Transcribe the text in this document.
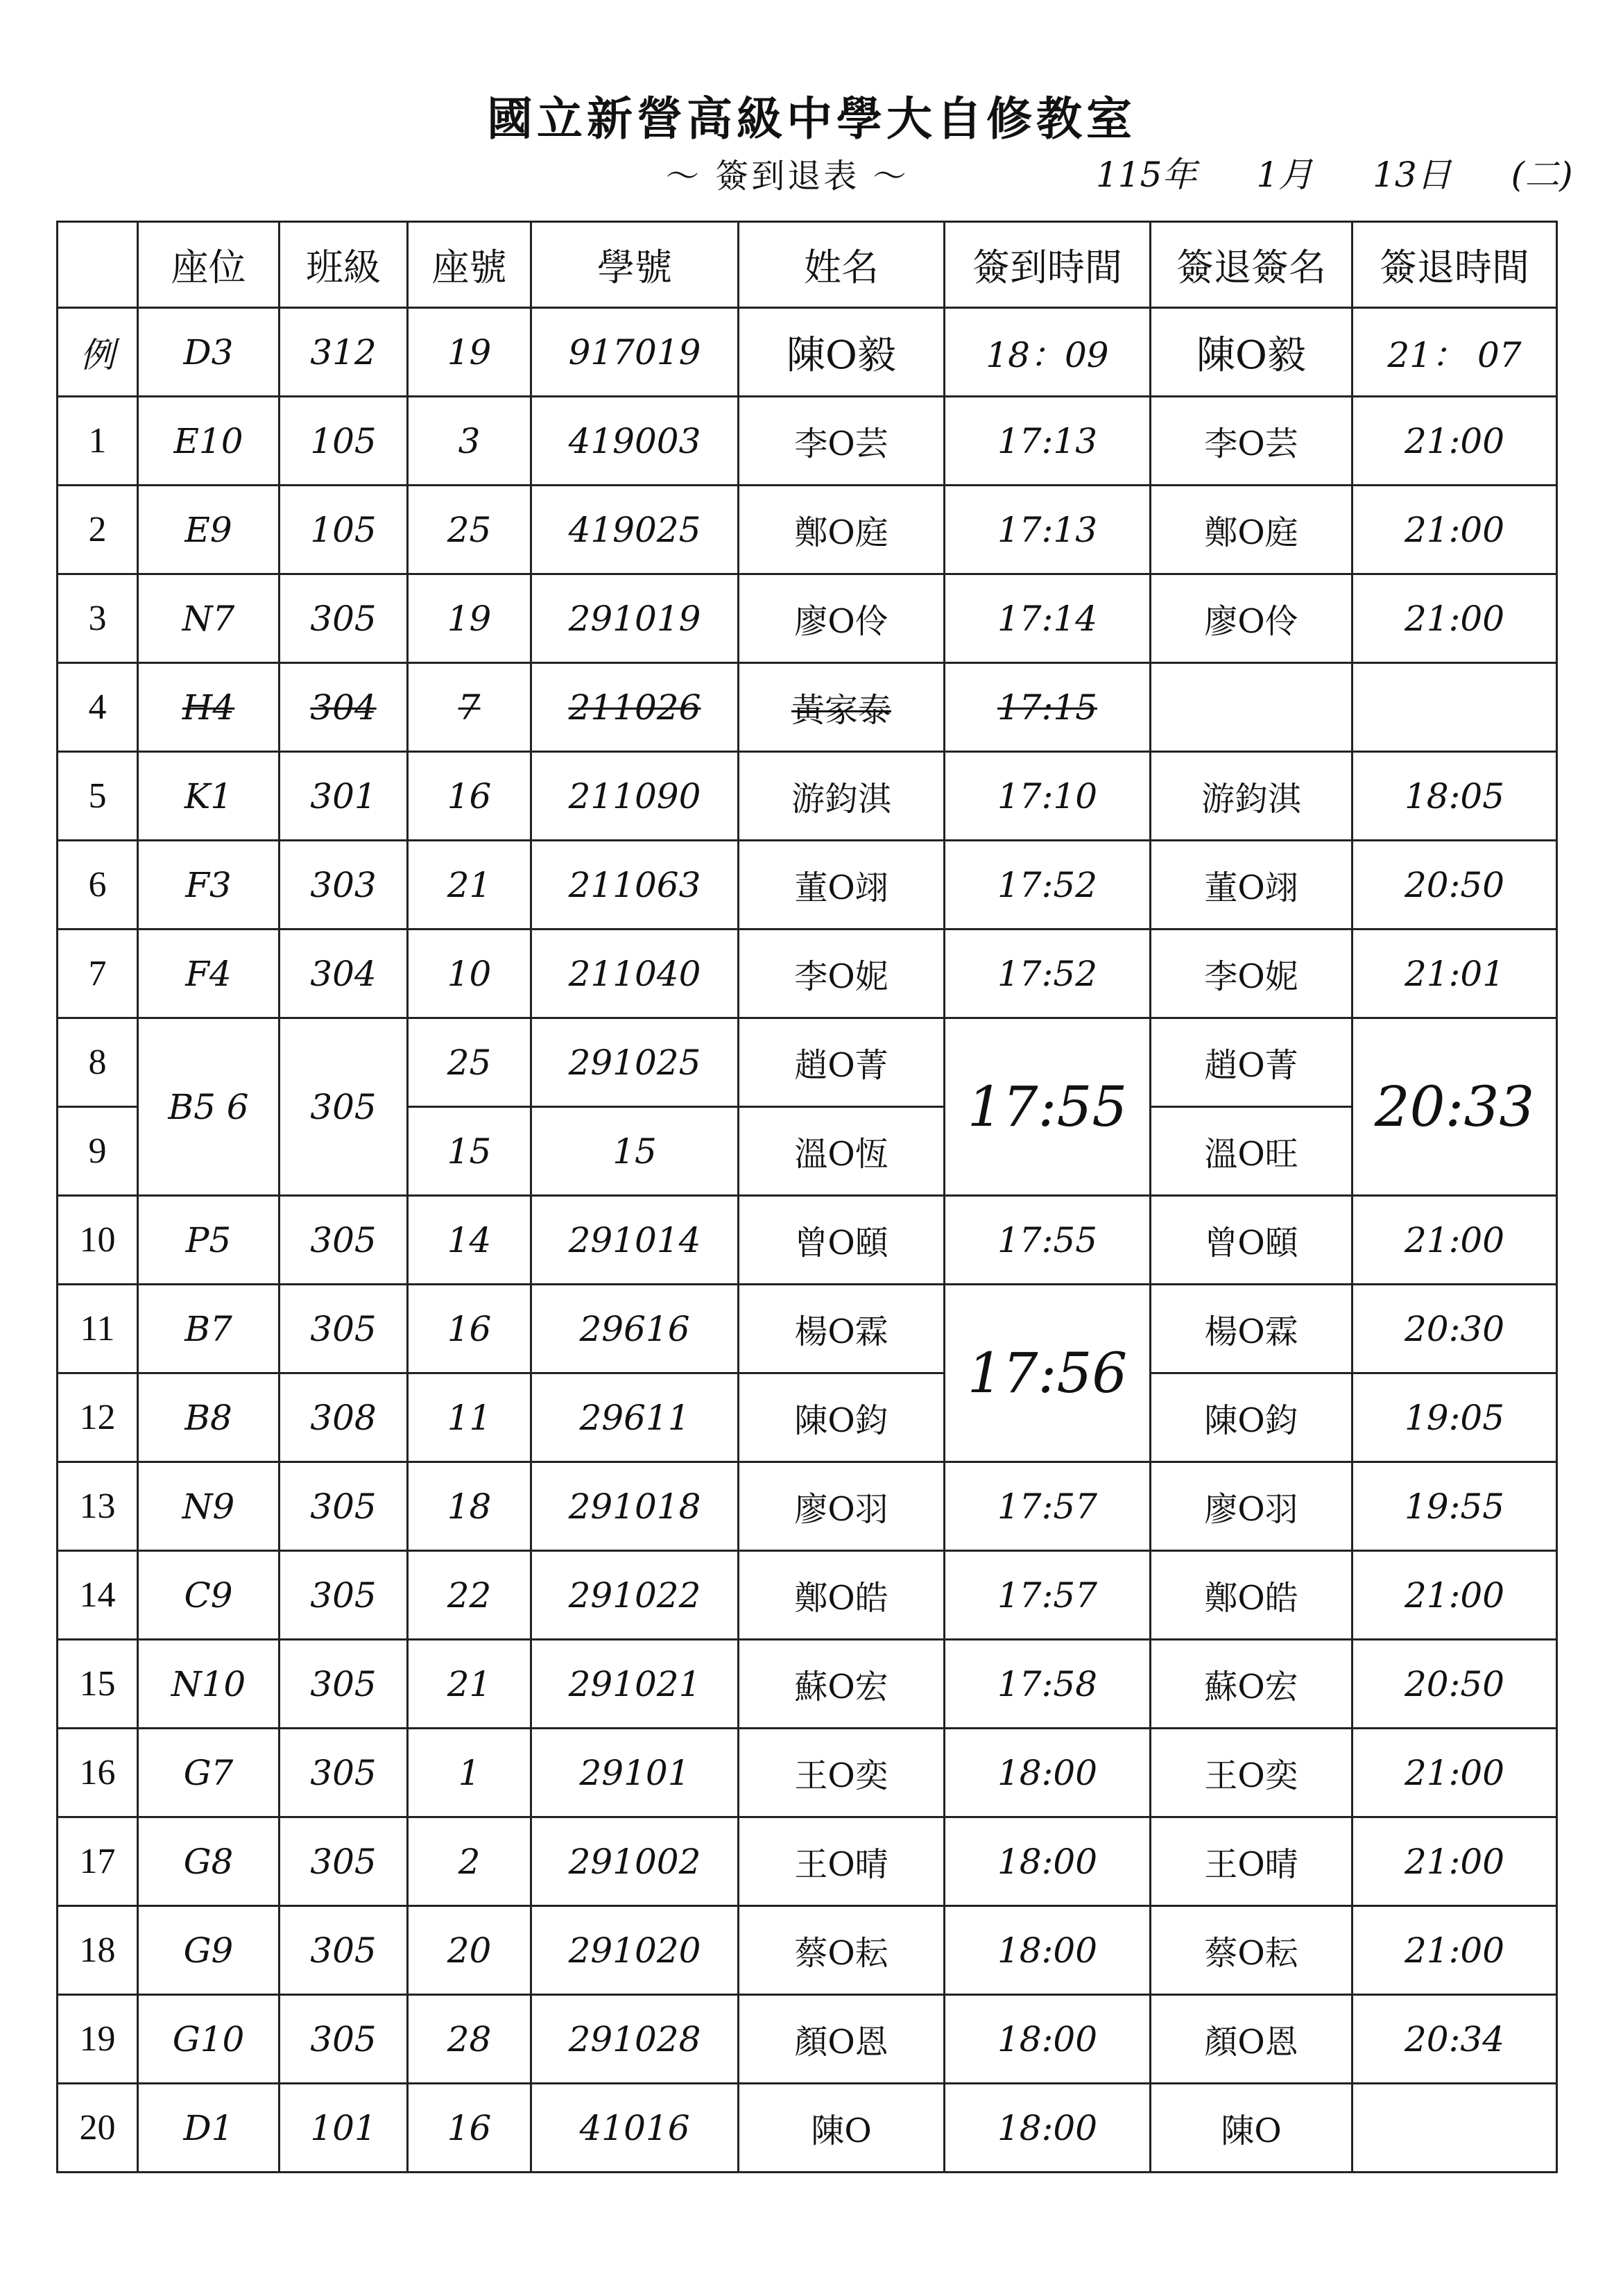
國立新營高級中學大自修教室
～ 簽到退表 ～	115年 1月 13日 (二)
	座位	班級	座號	學號	姓名	簽到時間	簽退簽名	簽退時間
例	D3	312	19	917019	陳O毅	18：09	陳O毅	21： 07
1	E10	105	3	419003	李O芸	17:13	李O芸	21:00
2	E9	105	25	419025	鄭O庭	17:13	鄭O庭	21:00
3	N7	305	19	291019	廖O伶	17:14	廖O伶	21:00
4	H4	304	7	211026	黃家泰	17:15		
5	K1	301	16	211090	游鈞淇	17:10	游鈞淇	18:05
6	F3	303	21	211063	董O翊	17:52	董O翊	20:50
7	F4	304	10	211040	李O妮	17:52	李O妮	21:01
8	B5 6	305	25	291025	趙O菁	17:55	趙O菁	20:33
9			15	15	溫O恆		溫O旺	
10	P5	305	14	291014	曾O頤	17:55	曾O頤	21:00
11	B7	305	16	29616	楊O霖	17:56	楊O霖	20:30
12	B8	308	11	29611	陳O鈞		陳O鈞	19:05
13	N9	305	18	291018	廖O羽	17:57	廖O羽	19:55
14	C9	305	22	291022	鄭O皓	17:57	鄭O皓	21:00
15	N10	305	21	291021	蘇O宏	17:58	蘇O宏	20:50
16	G7	305	1	29101	王O奕	18:00	王O奕	21:00
17	G8	305	2	291002	王O晴	18:00	王O晴	21:00
18	G9	305	20	291020	蔡O耘	18:00	蔡O耘	21:00
19	G10	305	28	291028	顏O恩	18:00	顏O恩	20:34
20	D1	101	16	41016	陳O	18:00	陳O	
